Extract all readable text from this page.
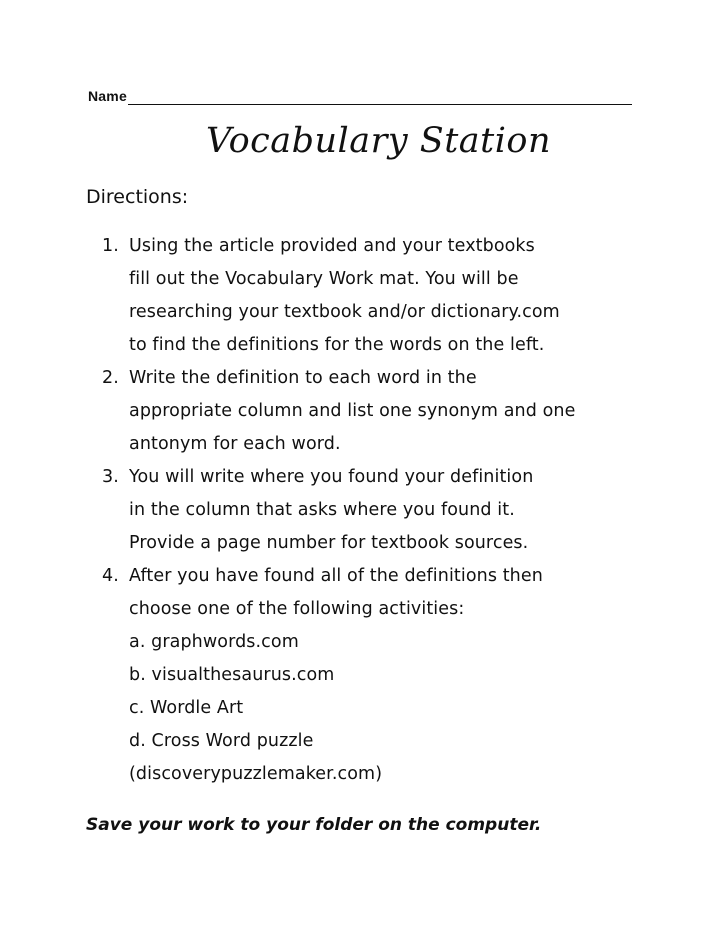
Name
Vocabulary Station
Directions:
1. Using the article provided and your textbooks
fill out the Vocabulary Work mat. You will be
researching your textbook and/or dictionary.com
to find the definitions for the words on the left.
2. Write the definition to each word in the
appropriate column and list one synonym and one
antonym for each word.
3. You will write where you found your definition
in the column that asks where you found it.
Provide a page number for textbook sources.
4. After you have found all of the definitions then
choose one of the following activities:
a. graphwords.com
b. visualthesaurus.com
c. Wordle Art
d. Cross Word puzzle
(discoverypuzzlemaker.com)
Save your work to your folder on the computer.
